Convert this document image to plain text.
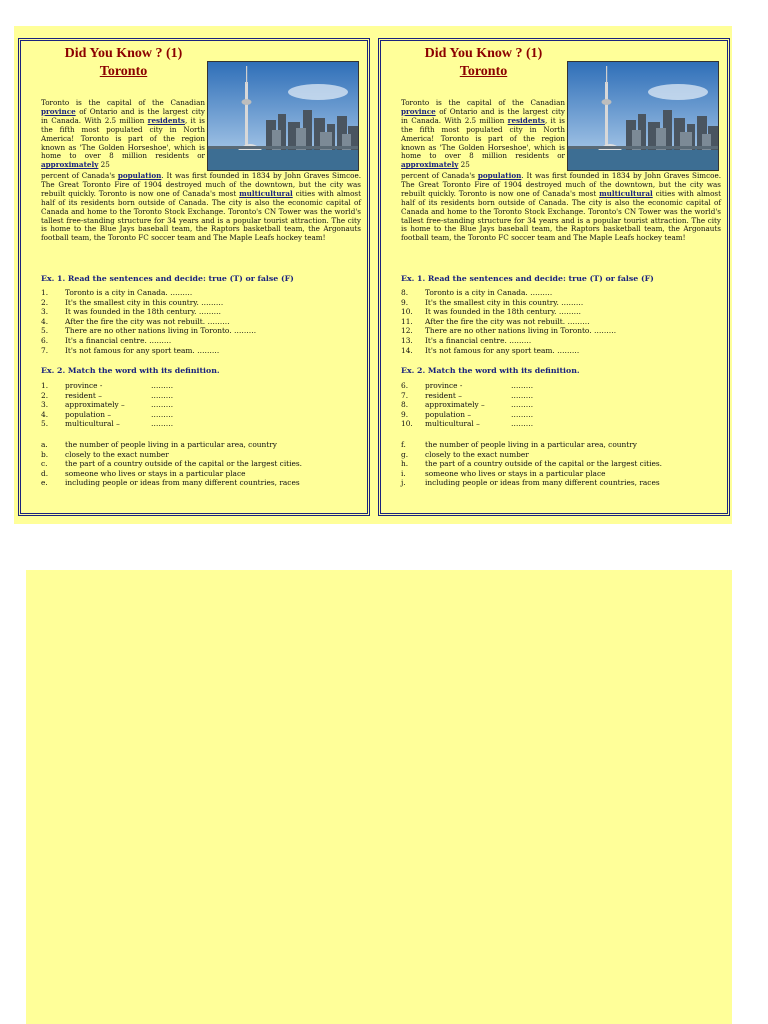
Did You Know ? (1)
Toronto
Toronto is the capital of the Canadian province of Ontario and is the largest city in Canada. With 2.5 million residents, it is the fifth most populated city in North America! Toronto is part of the region known as 'The Golden Horseshoe', which is home to over 8 million residents or approximately 25
percent of Canada's population. It was first founded in 1834 by John Graves Simcoe. The Great Toronto Fire of 1904 destroyed much of the downtown, but the city was rebuilt quickly. Toronto is now one of Canada's most multicultural cities with almost half of its residents born outside of Canada. The city is also the economic capital of Canada and home to the Toronto Stock Exchange. Toronto's CN Tower was the world's tallest free-standing structure for 34 years and is a popular tourist attraction. The city is home to the Blue Jays baseball team, the Raptors basketball team, the Argonauts football team, the Toronto FC soccer team and The Maple Leafs hockey team!
Ex. 1. Read the sentences and decide: true (T) or false (F)
1.	Toronto is a city in Canada. ………
2.	It's the smallest city in this country. ………
3.	It was founded in the 18th century. ………
4.	After the fire the city was not rebuilt. ………
5.	There are no other nations living in Toronto. ………
6.	It's a financial centre. ………
7.	It's not famous for any sport team. ………
Ex. 2. Match the word with its definition.
1.	province -	………
2.	resident –	………
3.	approximately –	………
4.	population –	………
5.	multicultural –	………
a.	the number of people living in a particular area, country
b.	closely to the exact number
c.	the part of a country outside of the capital or the largest cities.
d.	someone who lives or stays in a particular place
e.	including people or ideas from many different countries, races
Did You Know ? (1)
Toronto
Toronto is the capital of the Canadian province of Ontario and is the largest city in Canada. With 2.5 million residents, it is the fifth most populated city in North America! Toronto is part of the region known as 'The Golden Horseshoe', which is home to over 8 million residents or approximately 25
percent of Canada's population. It was first founded in 1834 by John Graves Simcoe. The Great Toronto Fire of 1904 destroyed much of the downtown, but the city was rebuilt quickly. Toronto is now one of Canada's most multicultural cities with almost half of its residents born outside of Canada. The city is also the economic capital of Canada and home to the Toronto Stock Exchange. Toronto's CN Tower was the world's tallest free-standing structure for 34 years and is a popular tourist attraction. The city is home to the Blue Jays baseball team, the Raptors basketball team, the Argonauts football team, the Toronto FC soccer team and The Maple Leafs hockey team!
Ex. 1. Read the sentences and decide: true (T) or false (F)
8.	Toronto is a city in Canada. ………
9.	It's the smallest city in this country. ………
10.	It was founded in the 18th century. ………
11.	After the fire the city was not rebuilt. ………
12.	There are no other nations living in Toronto. ………
13.	It's a financial centre. ………
14.	It's not famous for any sport team. ………
Ex. 2. Match the word with its definition.
6.	province -	………
7.	resident –	………
8.	approximately –	………
9.	population –	………
10.	multicultural –	………
f.	the number of people living in a particular area, country
g.	closely to the exact number
h.	the part of a country outside of the capital or the largest cities.
i.	someone who lives or stays in a particular place
j.	including people or ideas from many different countries, races
